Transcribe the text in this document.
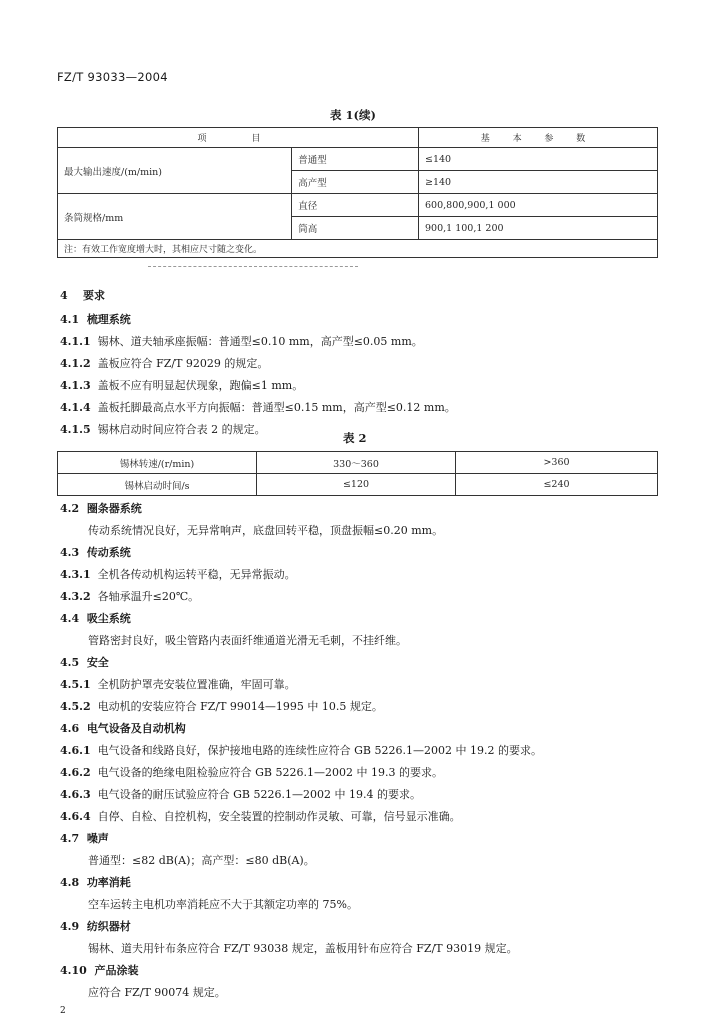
FZ/T 93033—2004
表 1(续)
项　目		基 本 参 数
最大输出速度/(m/min)	普通型	≤140
	高产型	≥140
条筒规格/mm	直径	600,800,900,1 000
	筒高	900,1 100,1 200
注：有效工作宽度增大时，其相应尺寸随之变化。		
4 要求
4.1 梳理系统
4.1.1 锡林、道夫轴承座振幅：普通型≤0.10 mm，高产型≤0.05 mm。
4.1.2 盖板应符合 FZ/T 92029 的规定。
4.1.3 盖板不应有明显起伏现象，跑偏≤1 mm。
4.1.4 盖板托脚最高点水平方向振幅：普通型≤0.15 mm，高产型≤0.12 mm。
4.1.5 锡林启动时间应符合表 2 的规定。
表 2
锡林转速/(r/min)	330～360	>360
锡林启动时间/s	≤120	≤240
4.2 圈条器系统
传动系统情况良好，无异常响声，底盘回转平稳，顶盘振幅≤0.20 mm。
4.3 传动系统
4.3.1 全机各传动机构运转平稳，无异常振动。
4.3.2 各轴承温升≤20℃。
4.4 吸尘系统
管路密封良好，吸尘管路内表面纤维通道光滑无毛刺，不挂纤维。
4.5 安全
4.5.1 全机防护罩壳安装位置准确，牢固可靠。
4.5.2 电动机的安装应符合 FZ/T 99014—1995 中 10.5 规定。
4.6 电气设备及自动机构
4.6.1 电气设备和线路良好，保护接地电路的连续性应符合 GB 5226.1—2002 中 19.2 的要求。
4.6.2 电气设备的绝缘电阻检验应符合 GB 5226.1—2002 中 19.3 的要求。
4.6.3 电气设备的耐压试验应符合 GB 5226.1—2002 中 19.4 的要求。
4.6.4 自停、自检、自控机构，安全装置的控制动作灵敏、可靠，信号显示准确。
4.7 噪声
普通型：≤82 dB(A)；高产型：≤80 dB(A)。
4.8 功率消耗
空车运转主电机功率消耗应不大于其额定功率的 75%。
4.9 纺织器材
锡林、道夫用针布条应符合 FZ/T 93038 规定，盖板用针布应符合 FZ/T 93019 规定。
4.10 产品涂装
应符合 FZ/T 90074 规定。
2
